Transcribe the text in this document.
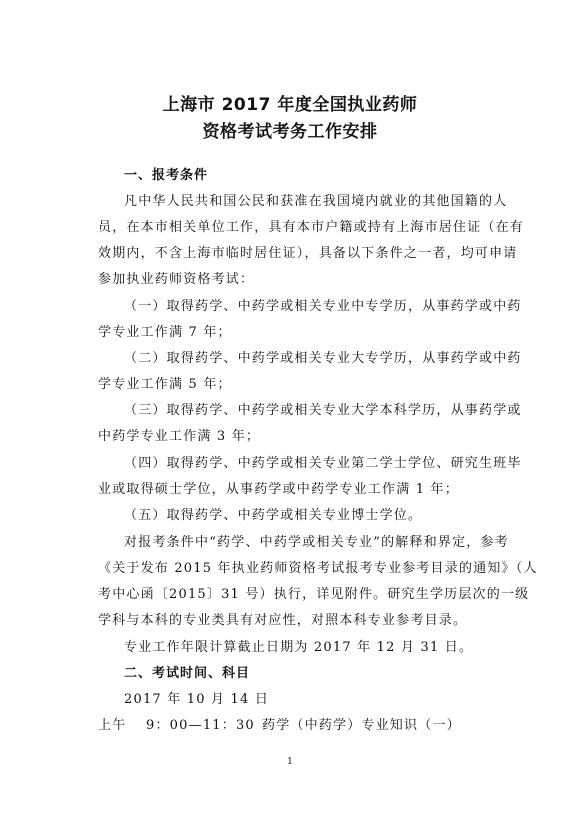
上海市 2017 年度全国执业药师
资格考试考务工作安排
一、报考条件
凡中华人民共和国公民和获准在我国境内就业的其他国籍的人
员，在本市相关单位工作，具有本市户籍或持有上海市居住证（在有
效期内，不含上海市临时居住证），具备以下条件之一者，均可申请
参加执业药师资格考试：
（一）取得药学、中药学或相关专业中专学历，从事药学或中药
学专业工作满 7 年；
（二）取得药学、中药学或相关专业大专学历，从事药学或中药
学专业工作满 5 年；
（三）取得药学、中药学或相关专业大学本科学历，从事药学或
中药学专业工作满 3 年；
（四）取得药学、中药学或相关专业第二学士学位、研究生班毕
业或取得硕士学位，从事药学或中药学专业工作满 1 年；
（五）取得药学、中药学或相关专业博士学位。
对报考条件中“药学、中药学或相关专业”的解释和界定，参考
《关于发布 2015 年执业药师资格考试报考专业参考目录的通知》（人
考中心函〔2015〕31 号）执行，详见附件。研究生学历层次的一级
学科与本科的专业类具有对应性，对照本科专业参考目录。
专业工作年限计算截止日期为 2017 年 12 月 31 日。
二、考试时间、科目
2017 年 10 月 14 日
上午 9：00—11：30 药学（中药学）专业知识（一）
1
